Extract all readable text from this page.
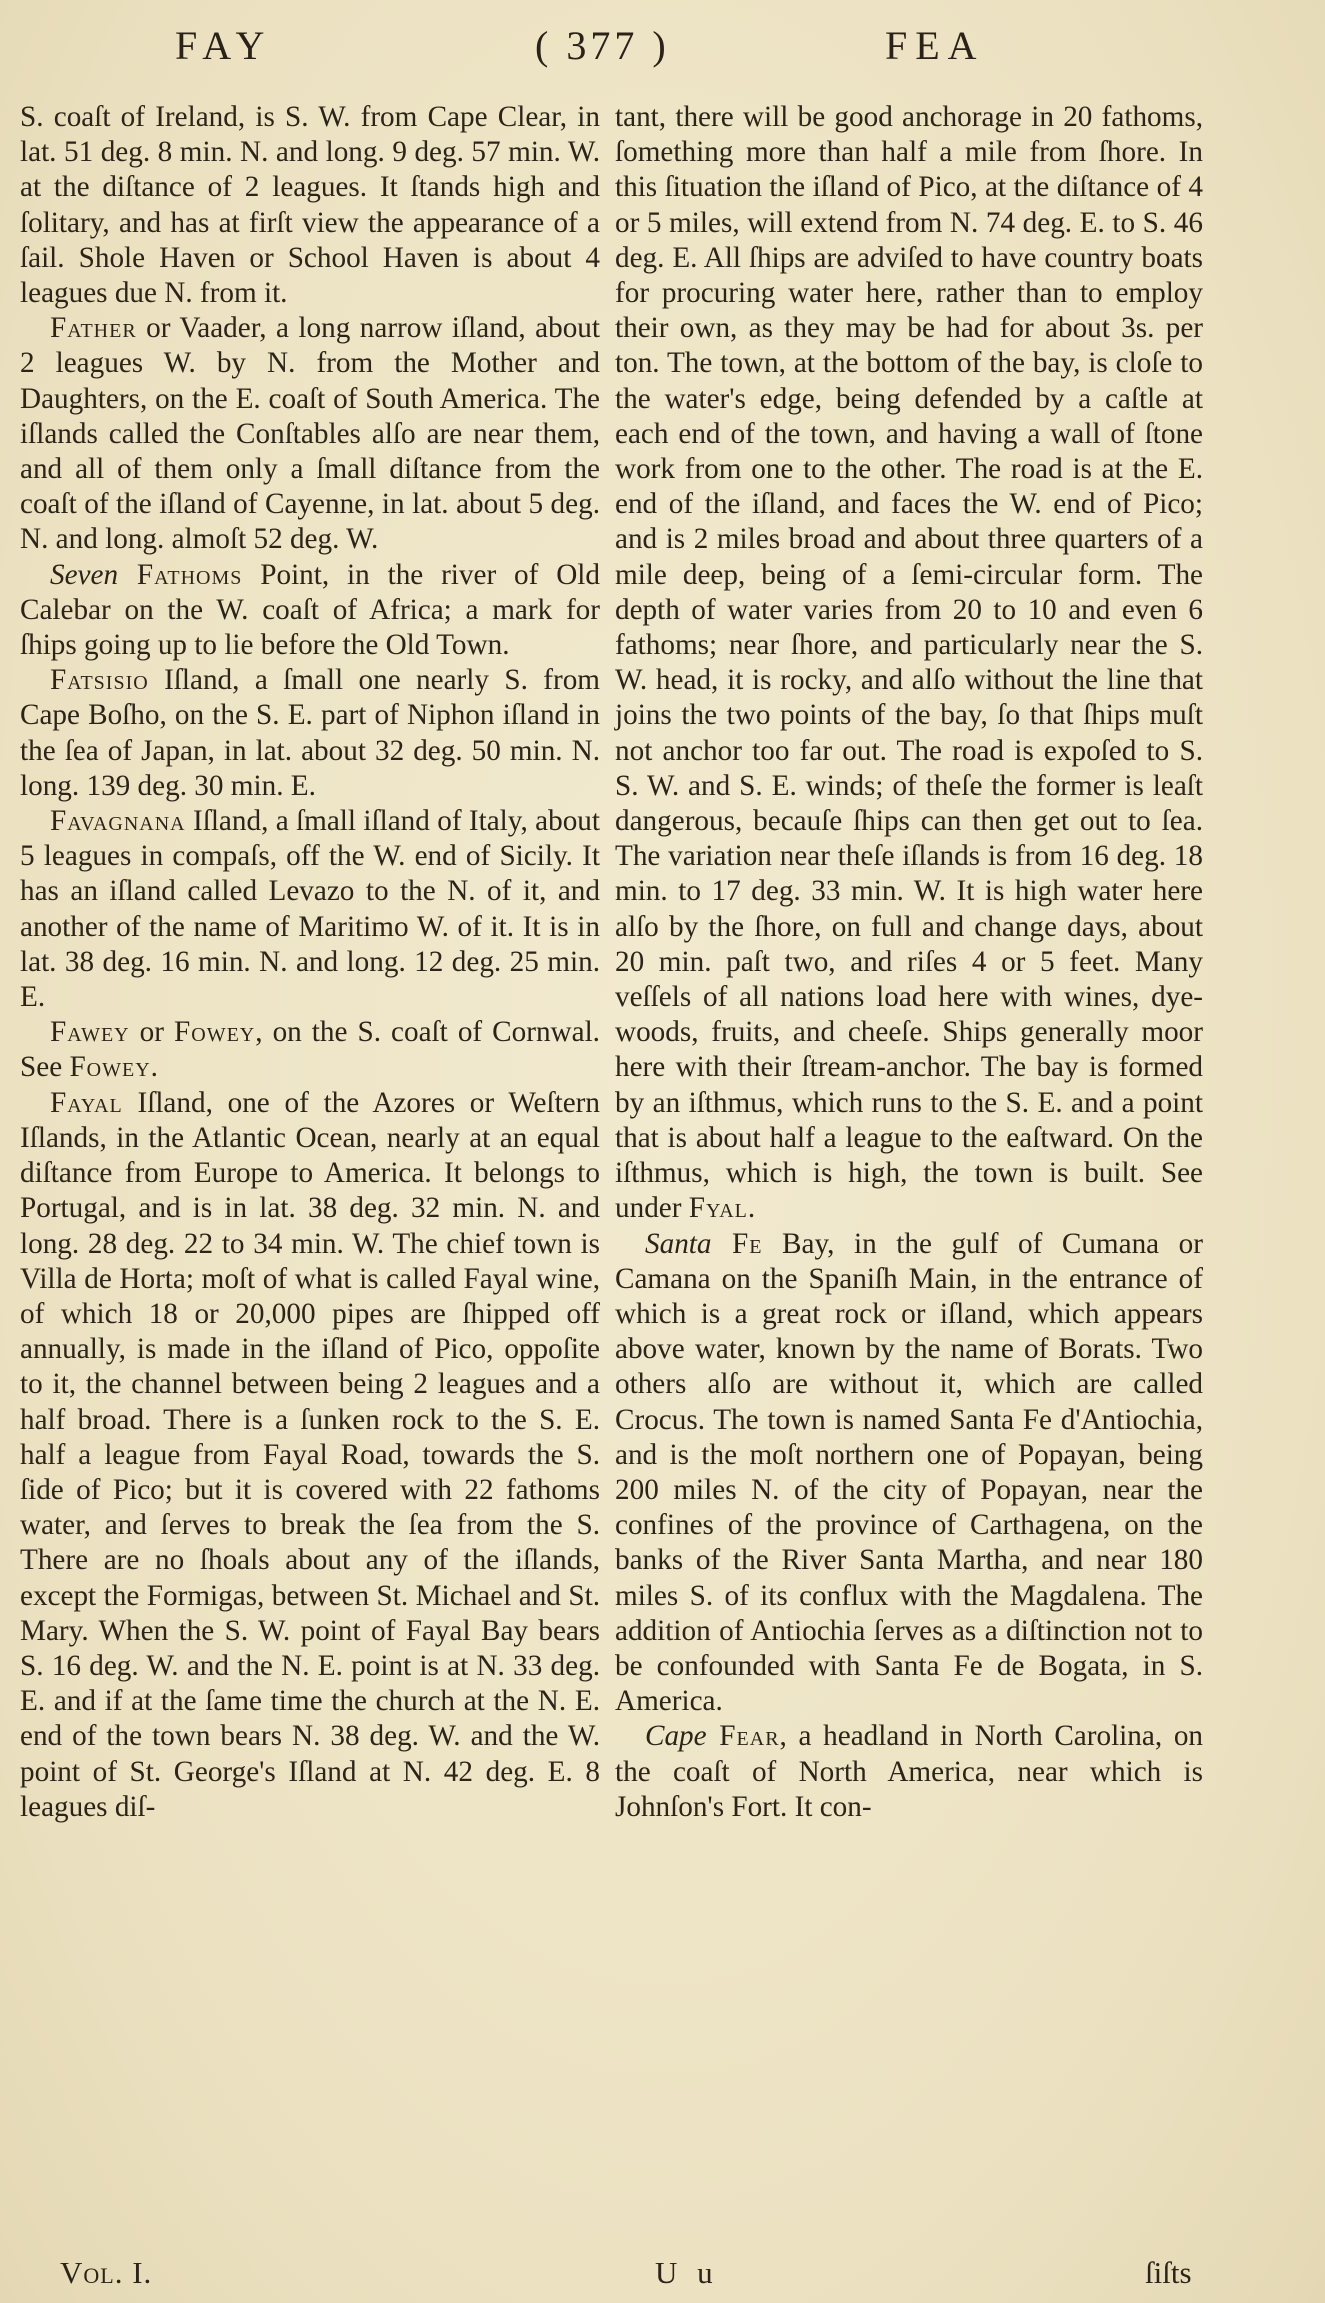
FAY	( 377 )	FEA

S. coaſt of Ireland, is S. W. from Cape Clear, in lat. 51 deg. 8 min. N. and long. 9 deg. 57 min. W. at the diſtance of 2 leagues. It ſtands high and ſolitary, and has at firſt view the appearance of a ſail. Shole Haven or School Haven is about 4 leagues due N. from it.

Father or Vaader, a long narrow iſland, about 2 leagues W. by N. from the Mother and Daughters, on the E. coaſt of South America. The iſlands called the Conſtables alſo are near them, and all of them only a ſmall diſtance from the coaſt of the iſland of Cayenne, in lat. about 5 deg. N. and long. almoſt 52 deg. W.

Seven Fathoms Point, in the river of Old Calebar on the W. coaſt of Africa; a mark for ſhips going up to lie before the Old Town.

Fatsisio Iſland, a ſmall one nearly S. from Cape Boſho, on the S. E. part of Niphon iſland in the ſea of Japan, in lat. about 32 deg. 50 min. N. long. 139 deg. 30 min. E.

Favagnana Iſland, a ſmall iſland of Italy, about 5 leagues in compaſs, off the W. end of Sicily. It has an iſland called Levazo to the N. of it, and another of the name of Maritimo W. of it. It is in lat. 38 deg. 16 min. N. and long. 12 deg. 25 min. E.

Fawey or Fowey, on the S. coaſt of Cornwal. See Fowey.

Fayal Iſland, one of the Azores or Weſtern Iſlands, in the Atlantic Ocean, nearly at an equal diſtance from Europe to America. It belongs to Portugal, and is in lat. 38 deg. 32 min. N. and long. 28 deg. 22 to 34 min. W. The chief town is Villa de Horta; moſt of what is called Fayal wine, of which 18 or 20,000 pipes are ſhipped off annually, is made in the iſland of Pico, oppoſite to it, the channel between being 2 leagues and a half broad. There is a ſunken rock to the S. E. half a league from Fayal Road, towards the S. ſide of Pico; but it is covered with 22 fathoms water, and ſerves to break the ſea from the S. There are no ſhoals about any of the iſlands, except the Formigas, between St. Michael and St. Mary. When the S. W. point of Fayal Bay bears S. 16 deg. W. and the N. E. point is at N. 33 deg. E. and if at the ſame time the church at the N. E. end of the town bears N. 38 deg. W. and the W. point of St. George's Iſland at N. 42 deg. E. 8 leagues diſ-

tant, there will be good anchorage in 20 fathoms, ſomething more than half a mile from ſhore. In this ſituation the iſland of Pico, at the diſtance of 4 or 5 miles, will extend from N. 74 deg. E. to S. 46 deg. E. All ſhips are adviſed to have country boats for procuring water here, rather than to employ their own, as they may be had for about 3s. per ton. The town, at the bottom of the bay, is cloſe to the water's edge, being defended by a caſtle at each end of the town, and having a wall of ſtone work from one to the other. The road is at the E. end of the iſland, and faces the W. end of Pico; and is 2 miles broad and about three quarters of a mile deep, being of a ſemi-circular form. The depth of water varies from 20 to 10 and even 6 fathoms; near ſhore, and particularly near the S. W. head, it is rocky, and alſo without the line that joins the two points of the bay, ſo that ſhips muſt not anchor too far out. The road is expoſed to S. S. W. and S. E. winds; of theſe the former is leaſt dangerous, becauſe ſhips can then get out to ſea. The variation near theſe iſlands is from 16 deg. 18 min. to 17 deg. 33 min. W. It is high water here alſo by the ſhore, on full and change days, about 20 min. paſt two, and riſes 4 or 5 feet. Many veſſels of all nations load here with wines, dye-woods, fruits, and cheeſe. Ships generally moor here with their ſtream-anchor. The bay is formed by an iſthmus, which runs to the S. E. and a point that is about half a league to the eaſtward. On the iſthmus, which is high, the town is built. See under Fyal.

Santa Fe Bay, in the gulf of Cumana or Camana on the Spaniſh Main, in the entrance of which is a great rock or iſland, which appears above water, known by the name of Borats. Two others alſo are without it, which are called Crocus. The town is named Santa Fe d'Antiochia, and is the moſt northern one of Popayan, being 200 miles N. of the city of Popayan, near the confines of the province of Carthagena, on the banks of the River Santa Martha, and near 180 miles S. of its conflux with the Magdalena. The addition of Antiochia ſerves as a diſtinction not to be confounded with Santa Fe de Bogata, in S. America.

Cape Fear, a headland in North Carolina, on the coaſt of North America, near which is Johnſon's Fort. It con-

Vol. I.	U u	ſiſts
